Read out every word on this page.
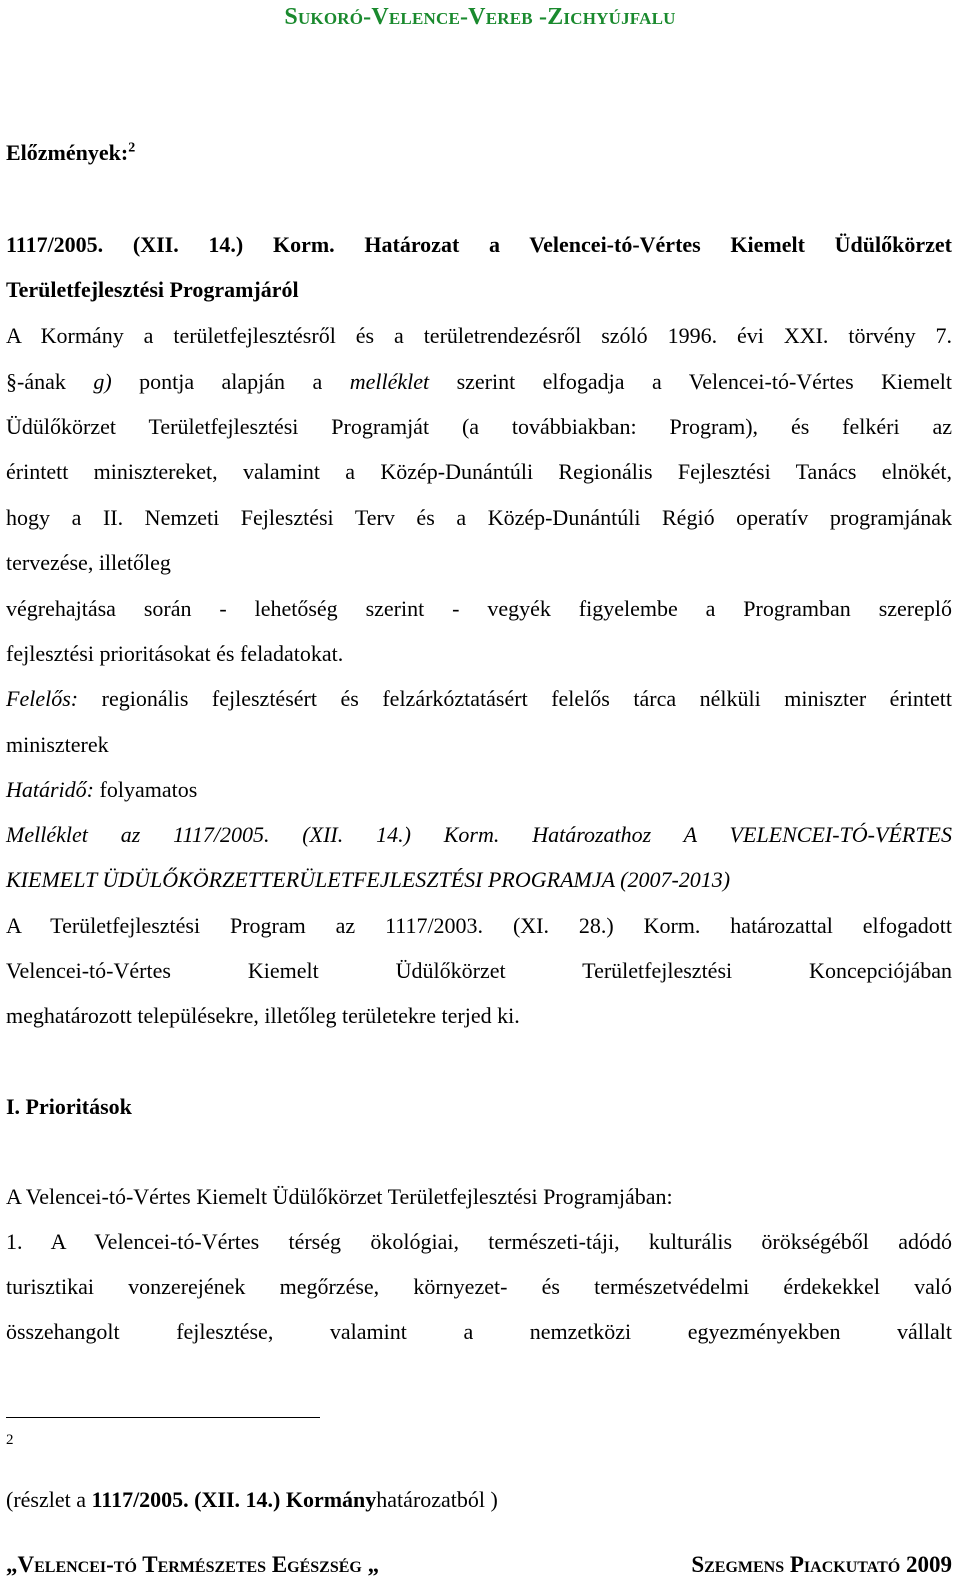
Sukoró-Velence-Vereb -Zichyújfalu
Előzmények:$^2$
1117/2005. (XII. 14.) Korm. Határozat a Velencei-tó-Vértes Kiemelt Üdülőkörzet
Területfejlesztési Programjáról
A Kormány a területfejlesztésről és a területrendezésről szóló 1996. évi XXI. törvény 7.
§-ának g) pontja alapján a melléklet szerint elfogadja a Velencei-tó-Vértes Kiemelt
Üdülőkörzet Területfejlesztési Programját (a továbbiakban: Program), és felkéri az
érintett minisztereket, valamint a Közép-Dunántúli Regionális Fejlesztési Tanács elnökét,
hogy a II. Nemzeti Fejlesztési Terv és a Közép-Dunántúli Régió operatív programjának
tervezése, illetőleg
végrehajtása során - lehetőség szerint - vegyék figyelembe a Programban szereplő
fejlesztési prioritásokat és feladatokat.
Felelős: regionális fejlesztésért és felzárkóztatásért felelős tárca nélküli miniszter érintett
miniszterek
Határidő: folyamatos
Melléklet az 1117/2005. (XII. 14.) Korm. Határozathoz A VELENCEI-TÓ-VÉRTES
KIEMELT ÜDÜLŐKÖRZETTERÜLETFEJLESZTÉSI PROGRAMJA (2007-2013)
A Területfejlesztési Program az 1117/2003. (XI. 28.) Korm. határozattal elfogadott
Velencei-tó-Vértes Kiemelt Üdülőkörzet Területfejlesztési Koncepciójában
meghatározott településekre, illetőleg területekre terjed ki.
I. Prioritások
A Velencei-tó-Vértes Kiemelt Üdülőkörzet Területfejlesztési Programjában:
1. A Velencei-tó-Vértes térség ökológiai, természeti-táji, kulturális örökségéből adódó
turisztikai vonzerejének megőrzése, környezet- és természetvédelmi érdekekkel való
összehangolt fejlesztése, valamint a nemzetközi egyezményekben vállalt
2
(részlet a 1117/2005. (XII. 14.) Kormányhatározatból )
„Velencei-tó Természetes Egészség „	Szegmens Piackutató 2009
